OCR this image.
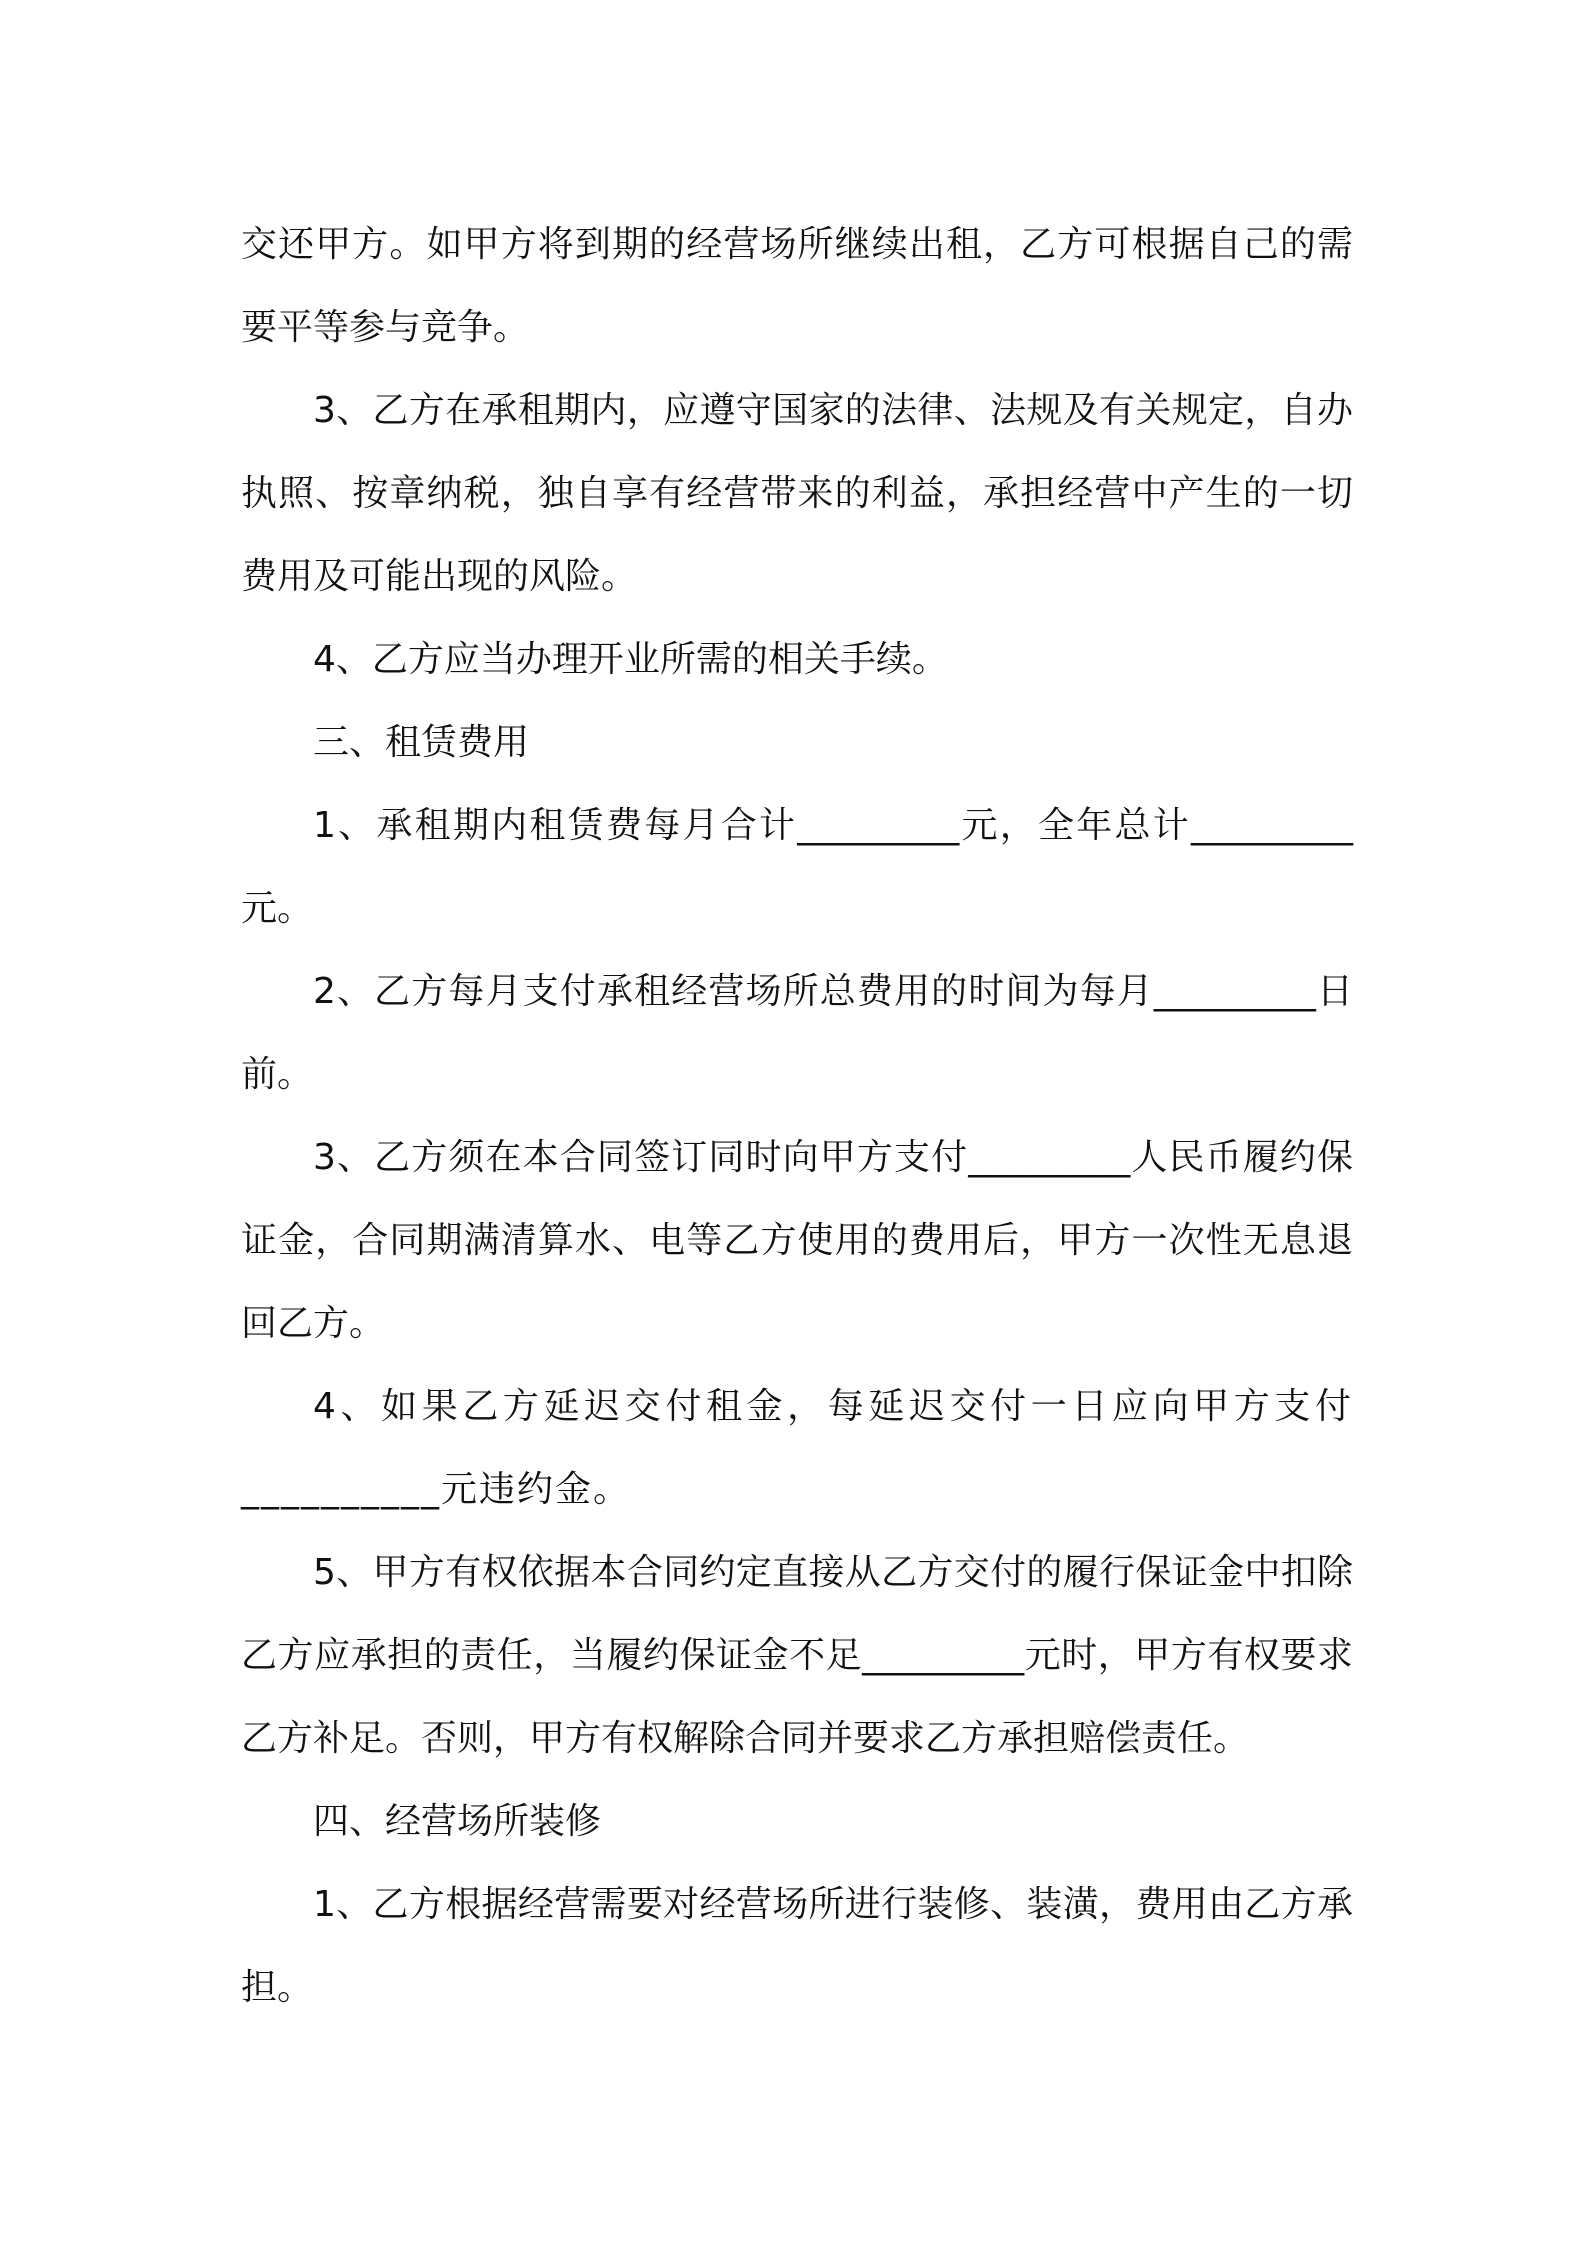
交还甲方。如甲方将到期的经营场所继续出租，乙方可根据自己的需要平等参与竞争。

3、乙方在承租期内，应遵守国家的法律、法规及有关规定，自办执照、按章纳税，独自享有经营带来的利益，承担经营中产生的一切费用及可能出现的风险。

4、乙方应当办理开业所需的相关手续。

三、租赁费用

1、承租期内租赁费每月合计_________元，全年总计_________元。

2、乙方每月支付承租经营场所总费用的时间为每月_________日前。

3、乙方须在本合同签订同时向甲方支付_________人民币履约保证金，合同期满清算水、电等乙方使用的费用后，甲方一次性无息退回乙方。

4、如果乙方延迟交付租金，每延迟交付一日应向甲方支付__________元违约金。

5、甲方有权依据本合同约定直接从乙方交付的履行保证金中扣除乙方应承担的责任，当履约保证金不足_________元时，甲方有权要求乙方补足。否则，甲方有权解除合同并要求乙方承担赔偿责任。

四、经营场所装修

1、乙方根据经营需要对经营场所进行装修、装潢，费用由乙方承担。
